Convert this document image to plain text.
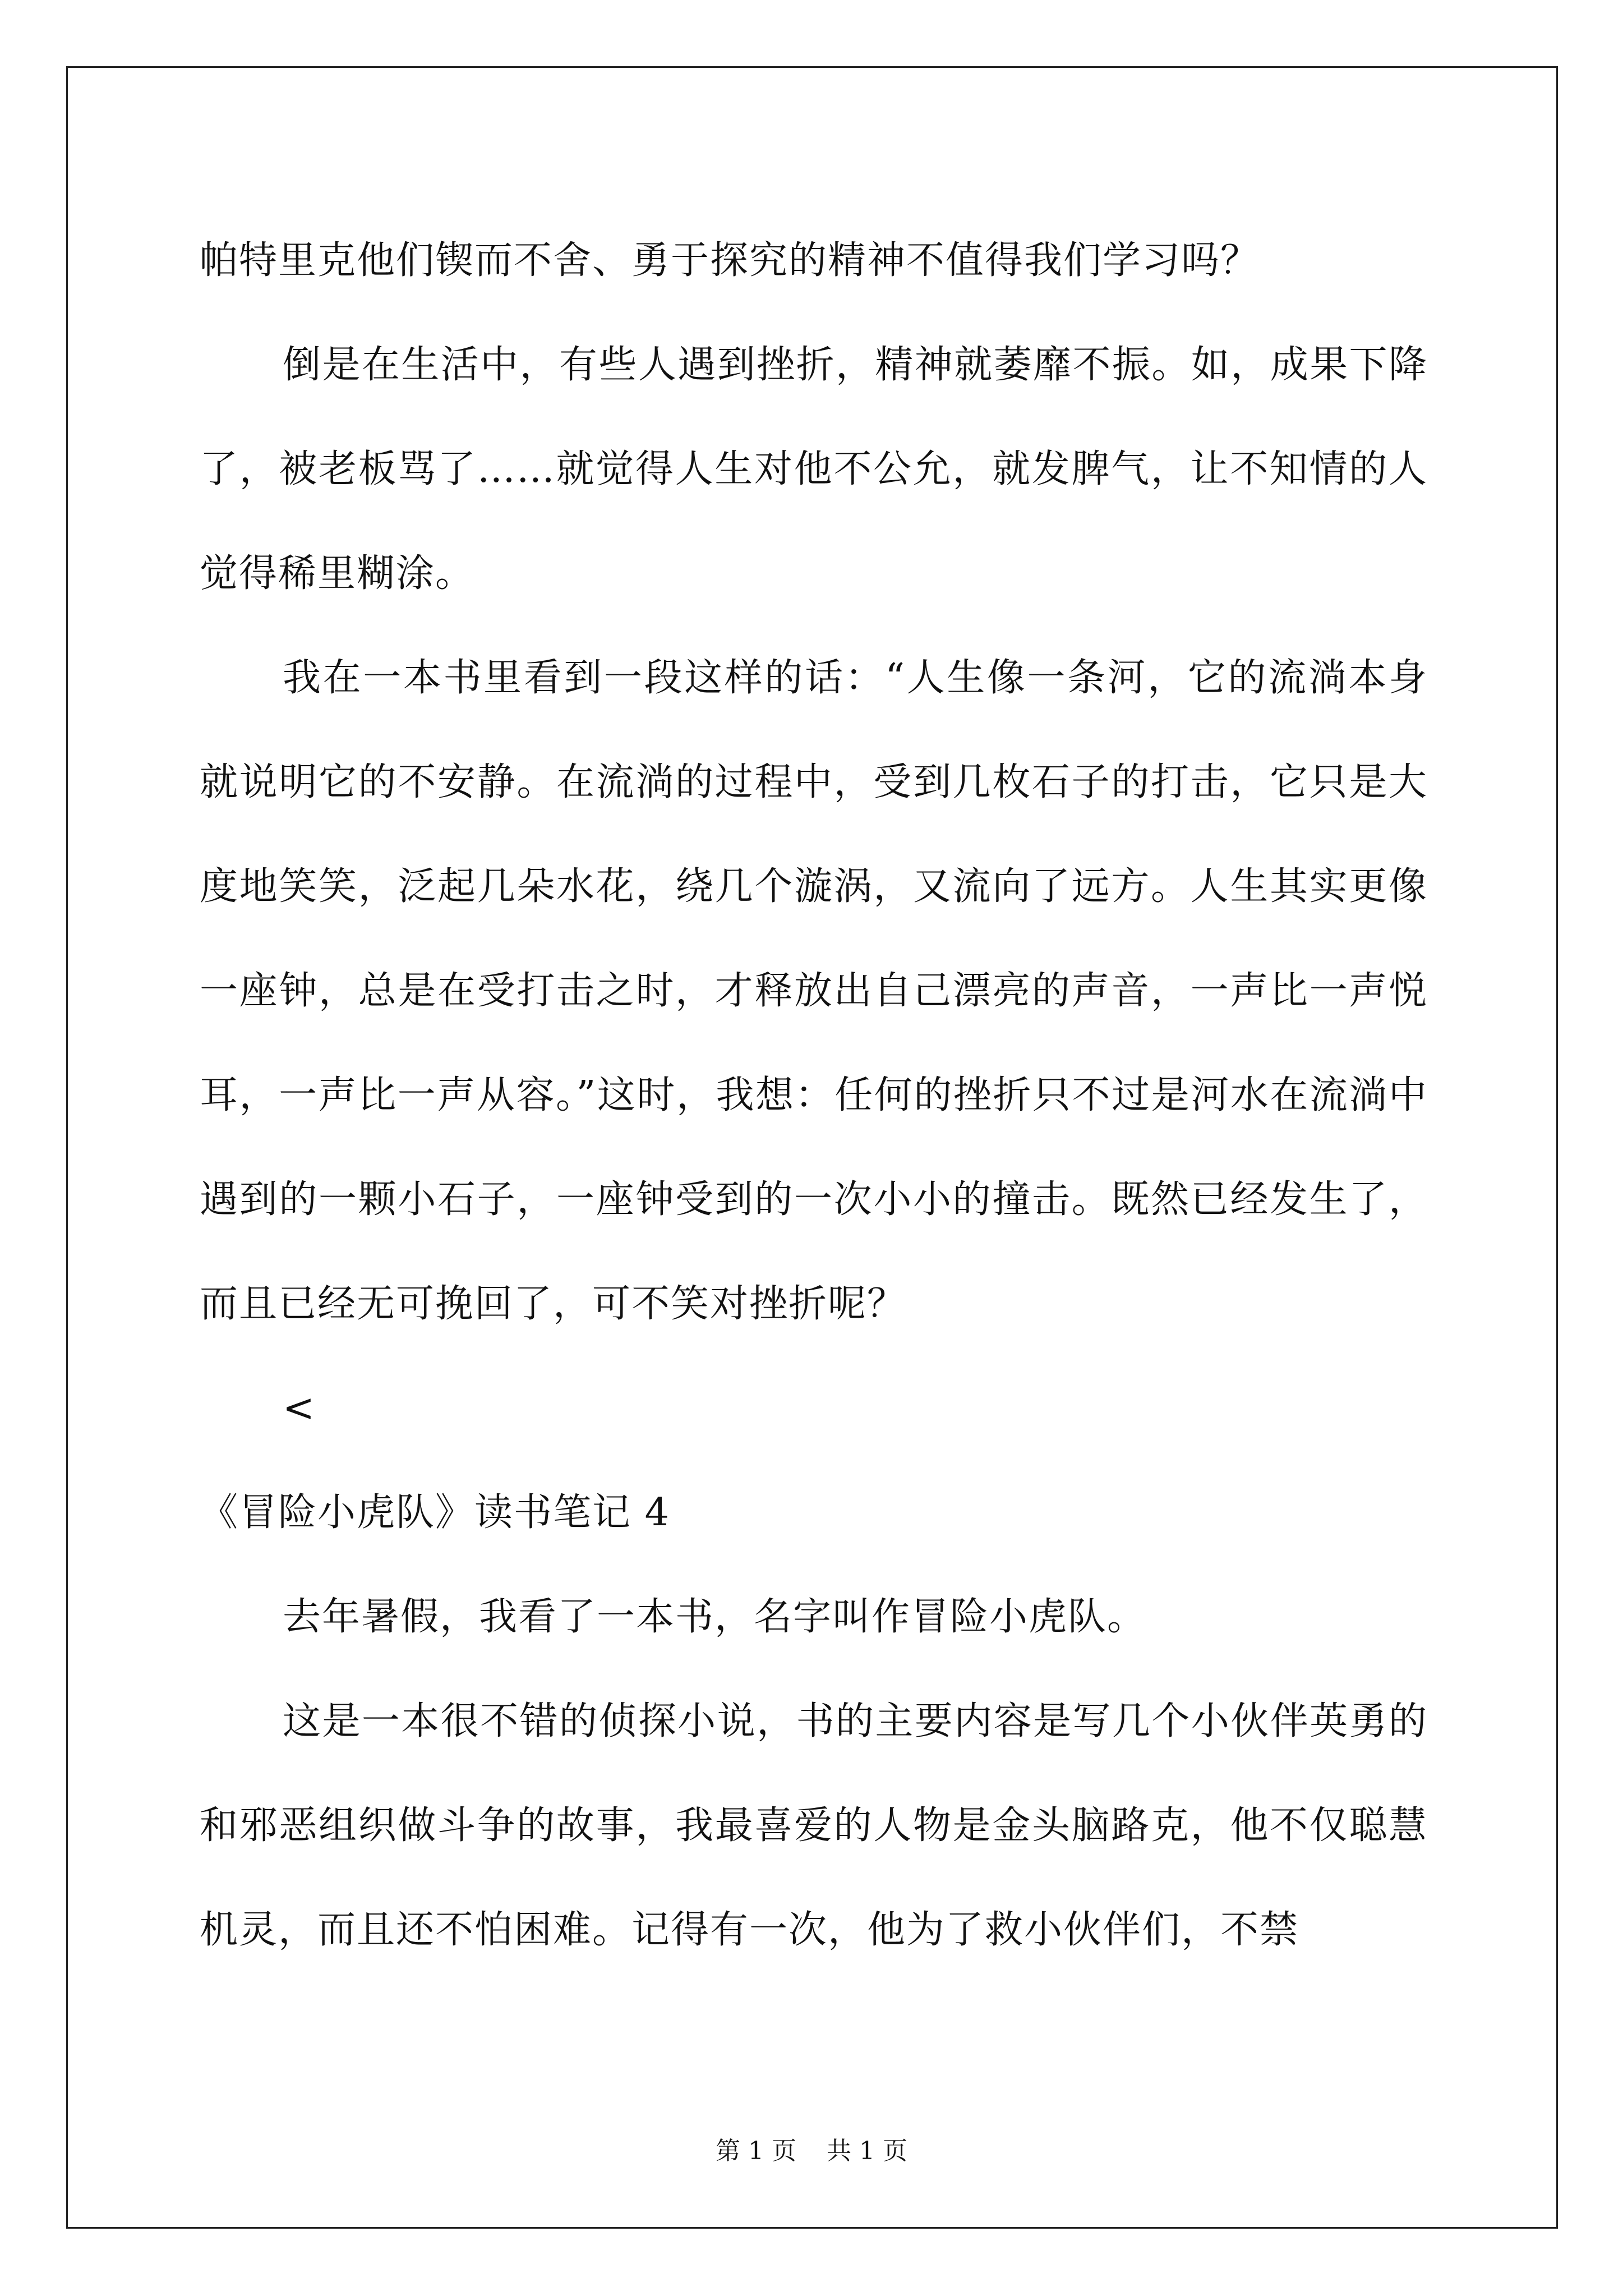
帕特里克他们锲而不舍、勇于探究的精神不值得我们学习吗？

倒是在生活中，有些人遇到挫折，精神就萎靡不振。如，成果下降了，被老板骂了……就觉得人生对他不公允，就发脾气，让不知情的人觉得稀里糊涂。

我在一本书里看到一段这样的话：“人生像一条河，它的流淌本身就说明它的不安静。在流淌的过程中，受到几枚石子的打击，它只是大度地笑笑，泛起几朵水花，绕几个漩涡，又流向了远方。人生其实更像一座钟，总是在受打击之时，才释放出自己漂亮的声音，一声比一声悦耳，一声比一声从容。”这时，我想：任何的挫折只不过是河水在流淌中遇到的一颗小石子，一座钟受到的一次小小的撞击。既然已经发生了，而且已经无可挽回了，可不笑对挫折呢？

<

《冒险小虎队》读书笔记 4

去年暑假，我看了一本书，名字叫作冒险小虎队。

这是一本很不错的侦探小说，书的主要内容是写几个小伙伴英勇的和邪恶组织做斗争的故事，我最喜爱的人物是金头脑路克，他不仅聪慧机灵，而且还不怕困难。记得有一次，他为了救小伙伴们，不禁

第 1 页 共 1 页
